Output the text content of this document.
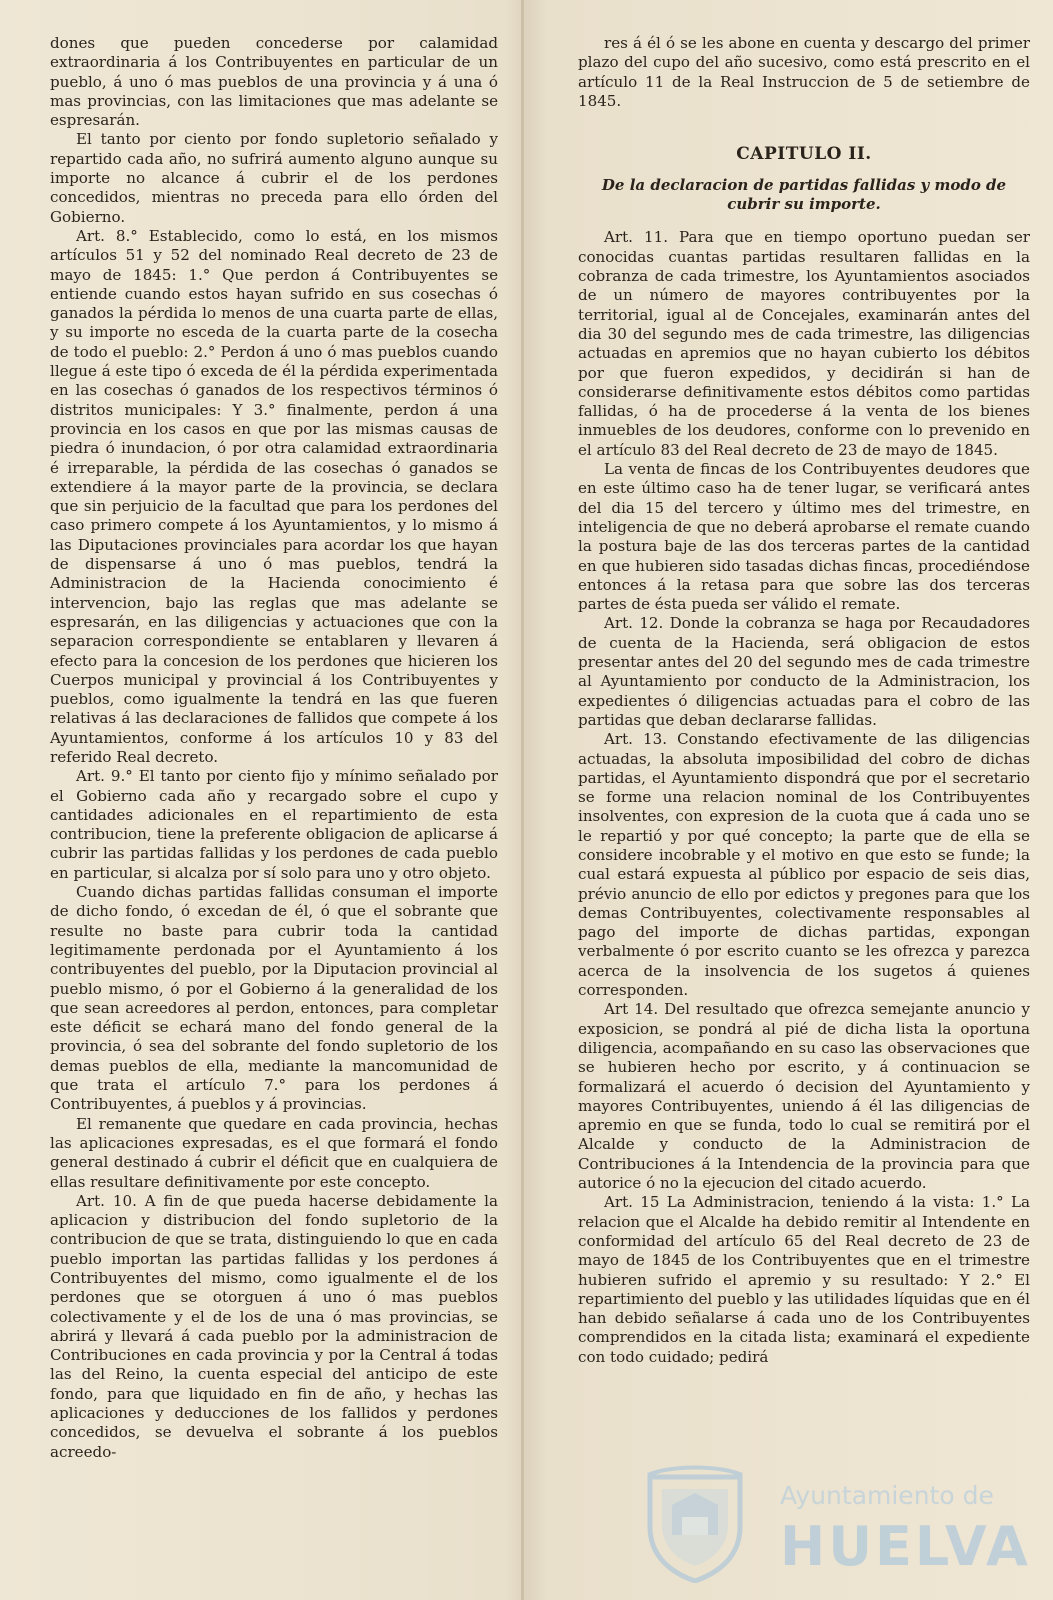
dones que pueden concederse por calamidad extraordinaria á los Contribuyentes en particular de un pueblo, á uno ó mas pueblos de una provincia y á una ó mas provincias, con las limitaciones que mas adelante se espresarán.

El tanto por ciento por fondo supletorio señalado y repartido cada año, no sufrirá aumento alguno aunque su importe no alcance á cubrir el de los perdones concedidos, mientras no preceda para ello órden del Gobierno.

Art. 8.° Establecido, como lo está, en los mismos artículos 51 y 52 del nominado Real decreto de 23 de mayo de 1845: 1.° Que perdon á Contribuyentes se entiende cuando estos hayan sufrido en sus cosechas ó ganados la pérdida lo menos de una cuarta parte de ellas, y su importe no esceda de la cuarta parte de la cosecha de todo el pueblo: 2.° Perdon á uno ó mas pueblos cuando llegue á este tipo ó exceda de él la pérdida experimentada en las cosechas ó ganados de los respectivos términos ó distritos municipales: Y 3.° finalmente, perdon á una provincia en los casos en que por las mismas causas de piedra ó inundacion, ó por otra calamidad extraordinaria é irreparable, la pérdida de las cosechas ó ganados se extendiere á la mayor parte de la provincia, se declara que sin perjuicio de la facultad que para los perdones del caso primero compete á los Ayuntamientos, y lo mismo á las Diputaciones provinciales para acordar los que hayan de dispensarse á uno ó mas pueblos, tendrá la Administracion de la Hacienda conocimiento é intervencion, bajo las reglas que mas adelante se espresarán, en las diligencias y actuaciones que con la separacion correspondiente se entablaren y llevaren á efecto para la concesion de los perdones que hicieren los Cuerpos municipal y provincial á los Contribuyentes y pueblos, como igualmente la tendrá en las que fueren relativas á las declaraciones de fallidos que compete á los Ayuntamientos, conforme á los artículos 10 y 83 del referido Real decreto.

Art. 9.° El tanto por ciento fijo y mínimo señalado por el Gobierno cada año y recargado sobre el cupo y cantidades adicionales en el repartimiento de esta contribucion, tiene la preferente obligacion de aplicarse á cubrir las partidas fallidas y los perdones de cada pueblo en particular, si alcalza por sí solo para uno y otro objeto.

Cuando dichas partidas fallidas consuman el importe de dicho fondo, ó excedan de él, ó que el sobrante que resulte no baste para cubrir toda la cantidad legitimamente perdonada por el Ayuntamiento á los contribuyentes del pueblo, por la Diputacion provincial al pueblo mismo, ó por el Gobierno á la generalidad de los que sean acreedores al perdon, entonces, para completar este déficit se echará mano del fondo general de la provincia, ó sea del sobrante del fondo supletorio de los demas pueblos de ella, mediante la mancomunidad de que trata el artículo 7.° para los perdones á Contribuyentes, á pueblos y á provincias.

El remanente que quedare en cada provincia, hechas las aplicaciones expresadas, es el que formará el fondo general destinado á cubrir el déficit que en cualquiera de ellas resultare definitivamente por este concepto.

Art. 10. A fin de que pueda hacerse debidamente la aplicacion y distribucion del fondo supletorio de la contribucion de que se trata, distinguiendo lo que en cada pueblo importan las partidas fallidas y los perdones á Contribuyentes del mismo, como igualmente el de los perdones que se otorguen á uno ó mas pueblos colectivamente y el de los de una ó mas provincias, se abrirá y llevará á cada pueblo por la administracion de Contribuciones en cada provincia y por la Central á todas las del Reino, la cuenta especial del anticipo de este fondo, para que liquidado en fin de año, y hechas las aplicaciones y deducciones de los fallidos y perdones concedidos, se devuelva el sobrante á los pueblos acreedo-

res á él ó se les abone en cuenta y descargo del primer plazo del cupo del año sucesivo, como está prescrito en el artículo 11 de la Real Instruccion de 5 de setiembre de 1845.

CAPITULO II.
De la declaracion de partidas fallidas y modo de cubrir su importe.

Art. 11. Para que en tiempo oportuno puedan ser conocidas cuantas partidas resultaren fallidas en la cobranza de cada trimestre, los Ayuntamientos asociados de un número de mayores contribuyentes por la territorial, igual al de Concejales, examinarán antes del dia 30 del segundo mes de cada trimestre, las diligencias actuadas en apremios que no hayan cubierto los débitos por que fueron expedidos, y decidirán si han de considerarse definitivamente estos débitos como partidas fallidas, ó ha de procederse á la venta de los bienes inmuebles de los deudores, conforme con lo prevenido en el artículo 83 del Real decreto de 23 de mayo de 1845.

La venta de fincas de los Contribuyentes deudores que en este último caso ha de tener lugar, se verificará antes del dia 15 del tercero y último mes del trimestre, en inteligencia de que no deberá aprobarse el remate cuando la postura baje de las dos terceras partes de la cantidad en que hubieren sido tasadas dichas fincas, procediéndose entonces á la retasa para que sobre las dos terceras partes de ésta pueda ser válido el remate.

Art. 12. Donde la cobranza se haga por Recaudadores de cuenta de la Hacienda, será obligacion de estos presentar antes del 20 del segundo mes de cada trimestre al Ayuntamiento por conducto de la Administracion, los expedientes ó diligencias actuadas para el cobro de las partidas que deban declararse fallidas.

Art. 13. Constando efectivamente de las diligencias actuadas, la absoluta imposibilidad del cobro de dichas partidas, el Ayuntamiento dispondrá que por el secretario se forme una relacion nominal de los Contribuyentes insolventes, con expresion de la cuota que á cada uno se le repartió y por qué concepto; la parte que de ella se considere incobrable y el motivo en que esto se funde; la cual estará expuesta al público por espacio de seis dias, prévio anuncio de ello por edictos y pregones para que los demas Contribuyentes, colectivamente responsables al pago del importe de dichas partidas, expongan verbalmente ó por escrito cuanto se les ofrezca y parezca acerca de la insolvencia de los sugetos á quienes corresponden.

Art 14. Del resultado que ofrezca semejante anuncio y exposicion, se pondrá al pié de dicha lista la oportuna diligencia, acompañando en su caso las observaciones que se hubieren hecho por escrito, y á continuacion se formalizará el acuerdo ó decision del Ayuntamiento y mayores Contribuyentes, uniendo á él las diligencias de apremio en que se funda, todo lo cual se remitirá por el Alcalde y conducto de la Administracion de Contribuciones á la Intendencia de la provincia para que autorice ó no la ejecucion del citado acuerdo.

Art. 15 La Administracion, teniendo á la vista: 1.° La relacion que el Alcalde ha debido remitir al Intendente en conformidad del artículo 65 del Real decreto de 23 de mayo de 1845 de los Contribuyentes que en el trimestre hubieren sufrido el apremio y su resultado: Y 2.° El repartimiento del pueblo y las utilidades líquidas que en él han debido señalarse á cada uno de los Contribuyentes comprendidos en la citada lista; examinará el expediente con todo cuidado; pedirá

Ayuntamiento de
HUELVA
